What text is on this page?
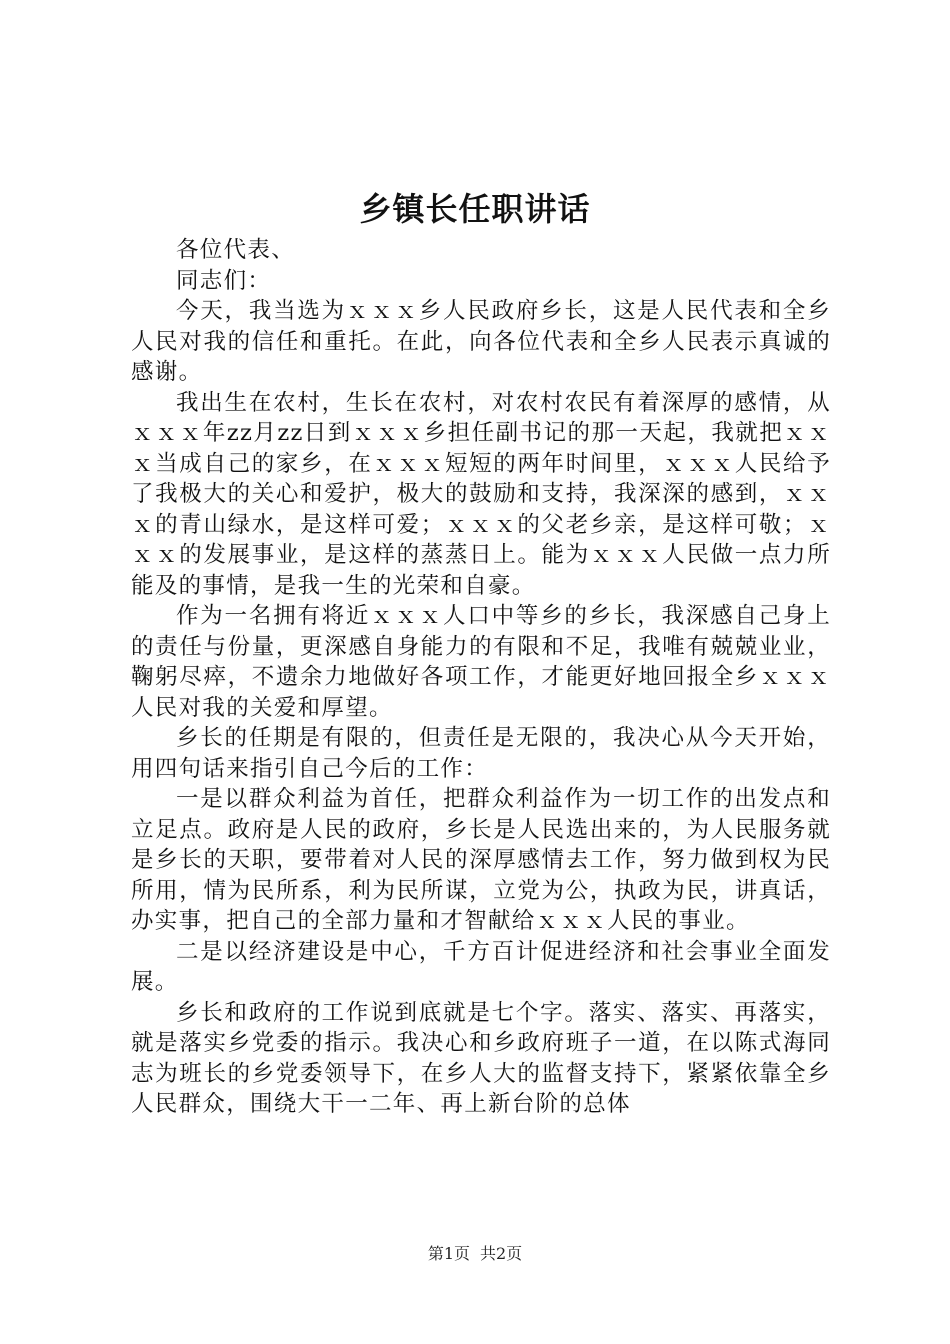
乡镇长任职讲话

各位代表、

同志们：

今天，我当选为ｘｘｘ乡人民政府乡长，这是人民代表和全乡人民对我的信任和重托。在此，向各位代表和全乡人民表示真诚的感谢。

我出生在农村，生长在农村，对农村农民有着深厚的感情，从ｘｘｘ年zz月zz日到ｘｘｘ乡担任副书记的那一天起，我就把ｘｘｘ当成自己的家乡，在ｘｘｘ短短的两年时间里，ｘｘｘ人民给予了我极大的关心和爱护，极大的鼓励和支持，我深深的感到，ｘｘｘ的青山绿水，是这样可爱；ｘｘｘ的父老乡亲，是这样可敬；ｘｘｘ的发展事业，是这样的蒸蒸日上。能为ｘｘｘ人民做一点力所能及的事情，是我一生的光荣和自豪。

作为一名拥有将近ｘｘｘ人口中等乡的乡长，我深感自己身上的责任与份量，更深感自身能力的有限和不足，我唯有兢兢业业，鞠躬尽瘁，不遗余力地做好各项工作，才能更好地回报全乡ｘｘｘ人民对我的关爱和厚望。

乡长的任期是有限的，但责任是无限的，我决心从今天开始，用四句话来指引自己今后的工作：

一是以群众利益为首任，把群众利益作为一切工作的出发点和立足点。政府是人民的政府，乡长是人民选出来的，为人民服务就是乡长的天职，要带着对人民的深厚感情去工作，努力做到权为民所用，情为民所系，利为民所谋，立党为公，执政为民，讲真话，办实事，把自己的全部力量和才智献给ｘｘｘ人民的事业。

二是以经济建设是中心，千方百计促进经济和社会事业全面发展。

乡长和政府的工作说到底就是七个字。落实、落实、再落实，就是落实乡党委的指示。我决心和乡政府班子一道，在以陈式海同志为班长的乡党委领导下，在乡人大的监督支持下，紧紧依靠全乡人民群众，围绕大干一二年、再上新台阶的总体

第1页 共2页
